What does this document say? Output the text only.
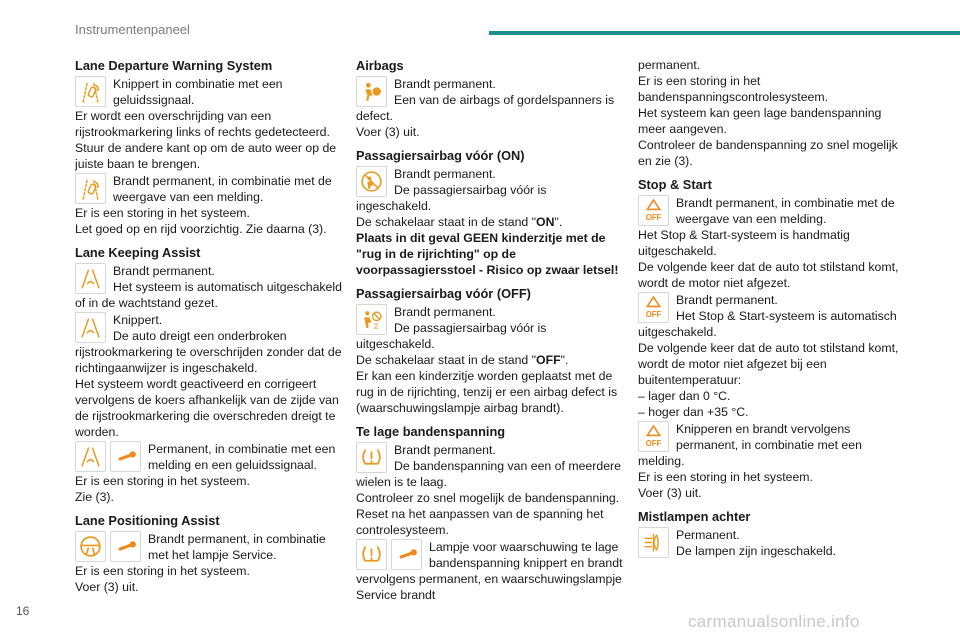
Instrumentenpaneel
Lane Departure Warning System
Knippert in combinatie met een geluidssignaal.

Er wordt een overschrijding van een rijstrookmarkering links of rechts gedetecteerd. Stuur de andere kant op om de auto weer op de juiste baan te brengen.

Brandt permanent, in combinatie met de weergave van een melding.

Er is een storing in het systeem.

Let goed op en rijd voorzichtig. Zie daarna (3).

Lane Keeping Assist
Brandt permanent.
Het systeem is automatisch uitgeschakeld of in de wachtstand gezet.
Knippert.
De auto dreigt een onderbroken rijstrookmarkering te overschrijden zonder dat de richtingaanwijzer is ingeschakeld.

Het systeem wordt geactiveerd en corrigeert vervolgens de koers afhankelijk van de zijde van de rijstrookmarkering die overschreden dreigt te worden.

Permanent, in combinatie met een melding en een geluidssignaal.

Er is een storing in het systeem.

Zie (3).

Lane Positioning Assist
Brandt permanent, in combinatie met het lampje Service.

Er is een storing in het systeem.

Voer (3) uit.

Airbags
Brandt permanent.
Een van de airbags of gordelspanners is defect.

Voer (3) uit.

Passagiersairbag vóór (ON)
Brandt permanent.
De passagiersairbag vóór is ingeschakeld.

De schakelaar staat in de stand "ON".

Plaats in dit geval GEEN kinderzitje met de "rug in de rijrichting" op de voorpassagiersstoel - Risico op zwaar letsel!

Passagiersairbag vóór (OFF)
2
Brandt permanent.
De passagiersairbag vóór is uitgeschakeld.

De schakelaar staat in de stand "OFF".

Er kan een kinderzitje worden geplaatst met de rug in de rijrichting, tenzij er een airbag defect is (waarschuwingslampje airbag brandt).

Te lage bandenspanning
Brandt permanent.
De bandenspanning van een of meerdere wielen is te laag.

Controleer zo snel mogelijk de bandenspanning.

Reset na het aanpassen van de spanning het controlesysteem.

Lampje voor waarschuwing te lage bandenspanning knippert en brandt vervolgens permanent, en waarschuwingslampje Service brandt

permanent.

Er is een storing in het bandenspanningscontrolesysteem.

Het systeem kan geen lage bandenspanning meer aangeven.

Controleer de bandenspanning zo snel mogelijk en zie (3).

Stop & Start
OFF
Brandt permanent, in combinatie met de weergave van een melding.

Het Stop & Start-systeem is handmatig uitgeschakeld.

De volgende keer dat de auto tot stilstand komt, wordt de motor niet afgezet.

OFF
Brandt permanent.
Het Stop & Start-systeem is automatisch uitgeschakeld.

De volgende keer dat de auto tot stilstand komt, wordt de motor niet afgezet bij een buitentemperatuur:

– lager dan 0 °C.

– hoger dan +35 °C.

OFF
Knipperen en brandt vervolgens permanent, in combinatie met een melding.

Er is een storing in het systeem.

Voer (3) uit.

Mistlampen achter
Permanent.
De lampen zijn ingeschakeld.
16
carmanualsonline.info
